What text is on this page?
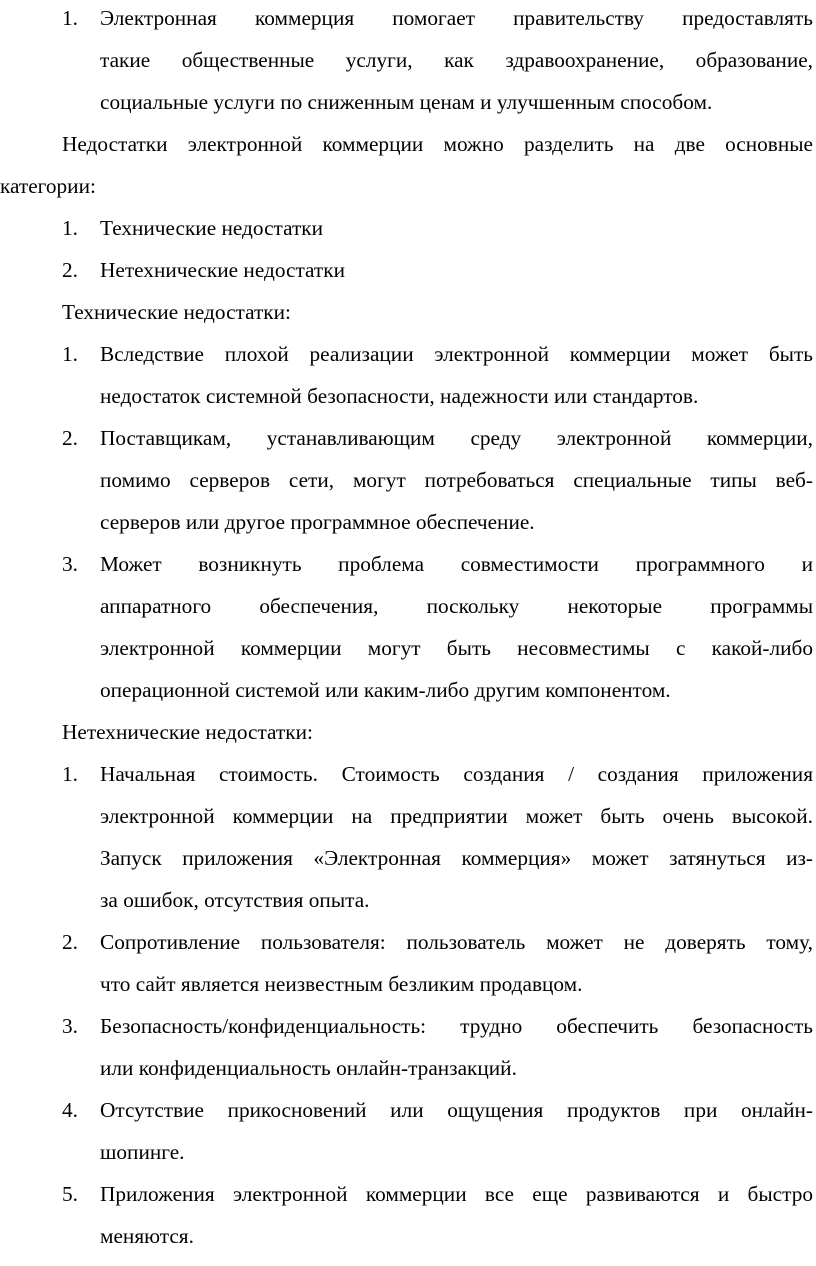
1. Электронная коммерция помогает правительству предоставлять
такие общественные услуги, как здравоохранение, образование,
социальные услуги по сниженным ценам и улучшенным способом.
Недостатки электронной коммерции можно разделить на две основные
категории:
1. Технические недостатки
2. Нетехнические недостатки
Технические недостатки:
1. Вследствие плохой реализации электронной коммерции может быть
недостаток системной безопасности, надежности или стандартов.
2. Поставщикам, устанавливающим среду электронной коммерции,
помимо серверов сети, могут потребоваться специальные типы веб-
серверов или другое программное обеспечение.
3. Может возникнуть проблема совместимости программного и
аппаратного обеспечения, поскольку некоторые программы
электронной коммерции могут быть несовместимы с какой-либо
операционной системой или каким-либо другим компонентом.
Нетехнические недостатки:
1. Начальная стоимость. Стоимость создания / создания приложения
электронной коммерции на предприятии может быть очень высокой.
Запуск приложения «Электронная коммерция» может затянуться из-
за ошибок, отсутствия опыта.
2. Сопротивление пользователя: пользователь может не доверять тому,
что сайт является неизвестным безликим продавцом.
3. Безопасность/конфиденциальность: трудно обеспечить безопасность
или конфиденциальность онлайн-транзакций.
4. Отсутствие прикосновений или ощущения продуктов при онлайн-
шопинге.
5. Приложения электронной коммерции все еще развиваются и быстро
меняются.
